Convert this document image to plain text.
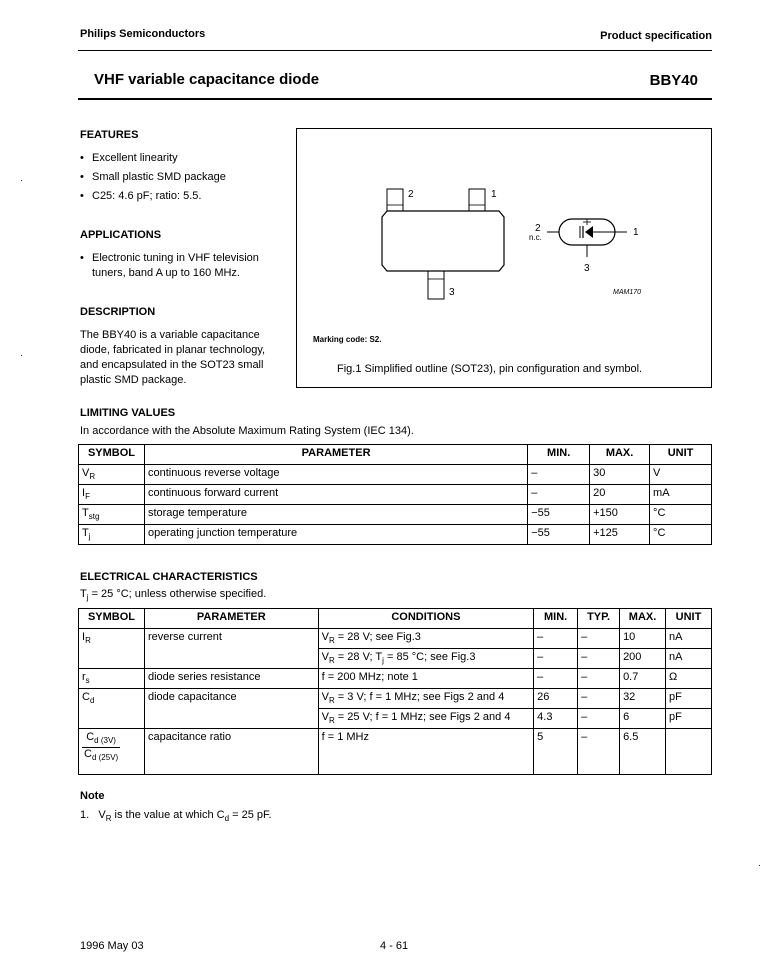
Philips Semiconductors	Product specification
VHF variable capacitance diode	BBY40
·
·
·
FEATURES
• Excellent linearity
• Small plastic SMD package
• C25: 4.6 pF; ratio: 5.5.
APPLICATIONS
• Electronic tuning in VHF television tuners, band A up to 160 MHz.
DESCRIPTION
The BBY40 is a variable capacitance diode, fabricated in planar technology, and encapsulated in the SOT23 small plastic SMD package.
2	1
3
2
n.c.	1
3
MAM170
Marking code: S2.
Fig.1 Simplified outline (SOT23), pin configuration and symbol.
LIMITING VALUES
In accordance with the Absolute Maximum Rating System (IEC 134).
SYMBOL	PARAMETER	MIN.	MAX.	UNIT
$V_R$	continuous reverse voltage	–	30	V
$I_F$	continuous forward current	–	20	mA
$T_{stg}$	storage temperature	−55	+150	°C
$T_j$	operating junction temperature	−55	+125	°C
ELECTRICAL CHARACTERISTICS
$T_j = 25$ °C; unless otherwise specified.
SYMBOL	PARAMETER	CONDITIONS	MIN.	TYP.	MAX.	UNIT
$I_R$	reverse current	$V_R = 28$ V; see Fig.3	–	–	10	nA
		$V_R = 28$ V; $T_j = 85$ °C; see Fig.3	–	–	200	nA
$r_s$	diode series resistance	f = 200 MHz; note 1	–	–	0.7	Ω
$C_d$	diode capacitance	$V_R = 3$ V; f = 1 MHz; see Figs 2 and 4	26	–	32	pF
		$V_R = 25$ V; f = 1 MHz; see Figs 2 and 4	4.3	–	6	pF

$\frac{C_{d (3V)}}{C_{d (25V)}}$	capacitance ratio	f = 1 MHz	5	–	6.5	
Note
1. $V_R$ is the value at which $C_d = 25$ pF.
1996 May 03	4 - 61
